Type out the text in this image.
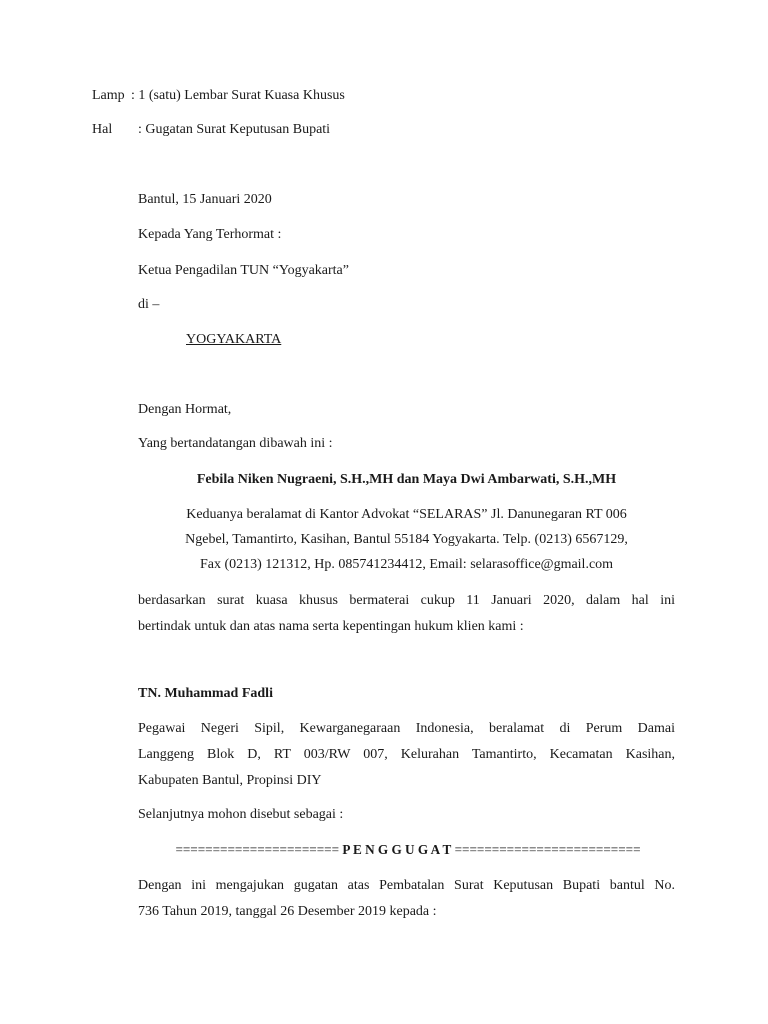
Lamp : 1 (satu) Lembar Surat Kuasa Khusus
Hal : Gugatan Surat Keputusan Bupati
Bantul, 15 Januari 2020
Kepada Yang Terhormat :
Ketua Pengadilan TUN “Yogyakarta”
di –
YOGYAKARTA
Dengan Hormat,
Yang bertandatangan dibawah ini :
Febila Niken Nugraeni, S.H.,MH dan Maya Dwi Ambarwati, S.H.,MH
Keduanya beralamat di Kantor Advokat “SELARAS” Jl. Danunegaran RT 006
Ngebel, Tamantirto, Kasihan, Bantul 55184 Yogyakarta. Telp. (0213) 6567129,
Fax (0213) 121312, Hp. 085741234412, Email: selarasoffice@gmail.com
berdasarkan surat kuasa khusus bermaterai cukup 11 Januari 2020, dalam hal ini
bertindak untuk dan atas nama serta kepentingan hukum klien kami :
TN. Muhammad Fadli
Pegawai Negeri Sipil, Kewarganegaraan Indonesia, beralamat di Perum Damai
Langgeng Blok D, RT 003/RW 007, Kelurahan Tamantirto, Kecamatan Kasihan,
Kabupaten Bantul, Propinsi DIY
Selanjutnya mohon disebut sebagai :
====================== P E N G G U G A T =========================
Dengan ini mengajukan gugatan atas Pembatalan Surat Keputusan Bupati bantul No.
736 Tahun 2019, tanggal 26 Desember 2019 kepada :
